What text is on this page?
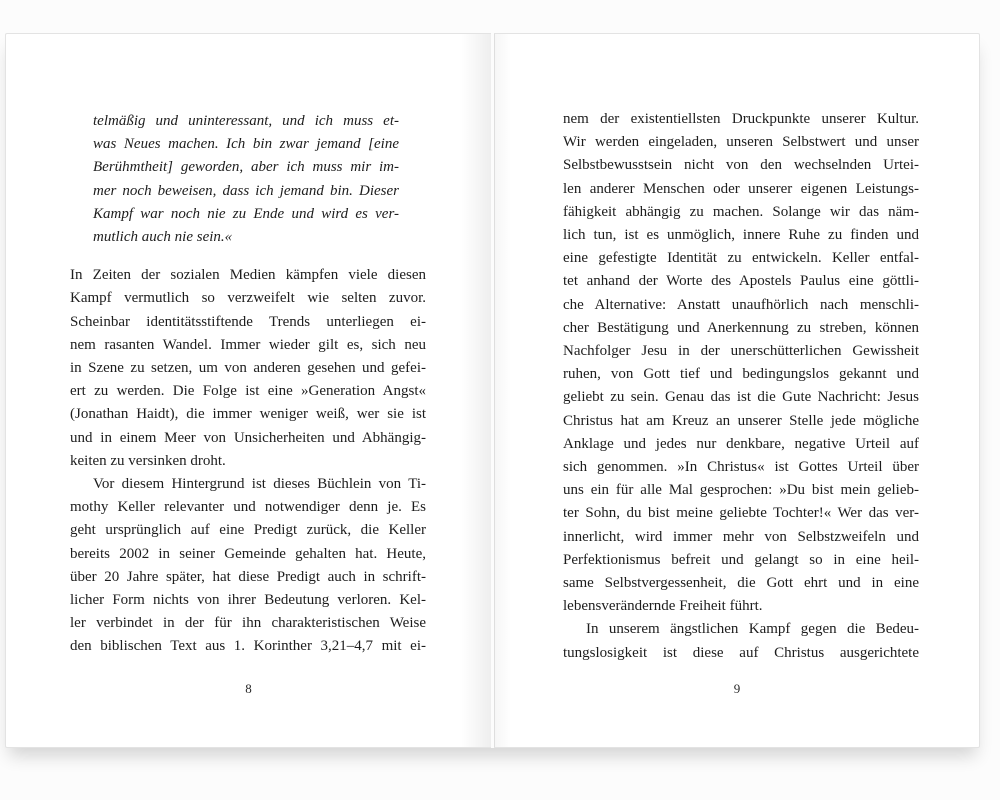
telmäßig und uninteressant, und ich muss et-
was Neues machen. Ich bin zwar jemand [eine
Berühmtheit] geworden, aber ich muss mir im-
mer noch beweisen, dass ich jemand bin. Dieser
Kampf war noch nie zu Ende und wird es ver-
mutlich auch nie sein.«
In Zeiten der sozialen Medien kämpfen viele diesen
Kampf vermutlich so verzweifelt wie selten zuvor.
Scheinbar identitätsstiftende Trends unterliegen ei-
nem rasanten Wandel. Immer wieder gilt es, sich neu
in Szene zu setzen, um von anderen gesehen und gefei-
ert zu werden. Die Folge ist eine »Generation Angst«
(Jonathan Haidt), die immer weniger weiß, wer sie ist
und in einem Meer von Unsicherheiten und Abhängig-
keiten zu versinken droht.
Vor diesem Hintergrund ist dieses Büchlein von Ti-
mothy Keller relevanter und notwendiger denn je. Es
geht ursprünglich auf eine Predigt zurück, die Keller
bereits 2002 in seiner Gemeinde gehalten hat. Heute,
über 20 Jahre später, hat diese Predigt auch in schrift-
licher Form nichts von ihrer Bedeutung verloren. Kel-
ler verbindet in der für ihn charakteristischen Weise
den biblischen Text aus 1. Korinther 3,21–4,7 mit ei-
8
nem der existentiellsten Druckpunkte unserer Kultur.
Wir werden eingeladen, unseren Selbstwert und unser
Selbstbewusstsein nicht von den wechselnden Urtei-
len anderer Menschen oder unserer eigenen Leistungs-
fähigkeit abhängig zu machen. Solange wir das näm-
lich tun, ist es unmöglich, innere Ruhe zu finden und
eine gefestigte Identität zu entwickeln. Keller entfal-
tet anhand der Worte des Apostels Paulus eine göttli-
che Alternative: Anstatt unaufhörlich nach menschli-
cher Bestätigung und Anerkennung zu streben, können
Nachfolger Jesu in der unerschütterlichen Gewissheit
ruhen, von Gott tief und bedingungslos gekannt und
geliebt zu sein. Genau das ist die Gute Nachricht: Jesus
Christus hat am Kreuz an unserer Stelle jede mögliche
Anklage und jedes nur denkbare, negative Urteil auf
sich genommen. »In Christus« ist Gottes Urteil über
uns ein für alle Mal gesprochen: »Du bist mein gelieb-
ter Sohn, du bist meine geliebte Tochter!« Wer das ver-
innerlicht, wird immer mehr von Selbstzweifeln und
Perfektionismus befreit und gelangt so in eine heil-
same Selbstvergessenheit, die Gott ehrt und in eine
lebensverändernde Freiheit führt.
In unserem ängstlichen Kampf gegen die Bedeu-
tungslosigkeit ist diese auf Christus ausgerichtete
9
